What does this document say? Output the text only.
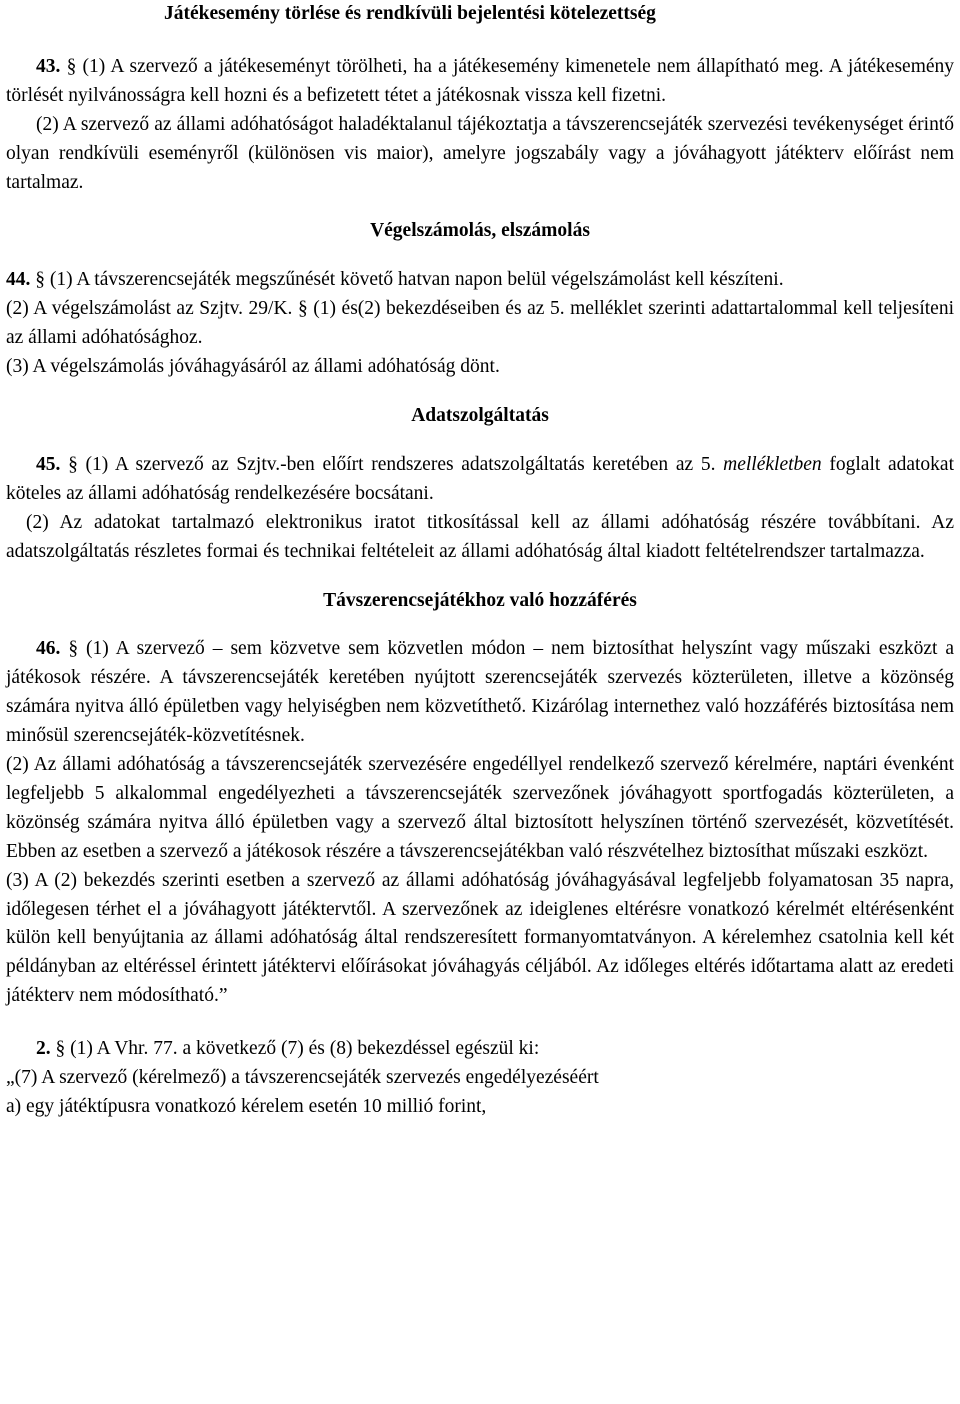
Játékesemény törlése és rendkívüli bejelentési kötelezettség

43. § (1) A szervező a játékeseményt törölheti, ha a játékesemény kimenetele nem állapítható meg. A játékesemény törlését nyilvánosságra kell hozni és a befizetett tétet a játékosnak vissza kell fizetni.

(2) A szervező az állami adóhatóságot haladéktalanul tájékoztatja a távszerencsejáték szervezési tevékenységet érintő olyan rendkívüli eseményről (különösen vis maior), amelyre jogszabály vagy a jóváhagyott játékterv előírást nem tartalmaz.

Végelszámolás, elszámolás

44. § (1) A távszerencsejáték megszűnését követő hatvan napon belül végelszámolást kell készíteni.

(2) A végelszámolást az Szjtv. 29/K. § (1) és(2) bekezdéseiben és az 5. melléklet szerinti adattartalommal kell teljesíteni az állami adóhatósághoz.

(3) A végelszámolás jóváhagyásáról az állami adóhatóság dönt.

Adatszolgáltatás

45. § (1) A szervező az Szjtv.-ben előírt rendszeres adatszolgáltatás keretében az 5. mellékletben foglalt adatokat köteles az állami adóhatóság rendelkezésére bocsátani.

(2) Az adatokat tartalmazó elektronikus iratot titkosítással kell az állami adóhatóság részére továbbítani. Az adatszolgáltatás részletes formai és technikai feltételeit az állami adóhatóság által kiadott feltételrendszer tartalmazza.

Távszerencsejátékhoz való hozzáférés

46. § (1) A szervező – sem közvetve sem közvetlen módon – nem biztosíthat helyszínt vagy műszaki eszközt a játékosok részére. A távszerencsejáték keretében nyújtott szerencsejáték szervezés közterületen, illetve a közönség számára nyitva álló épületben vagy helyiségben nem közvetíthető. Kizárólag internethez való hozzáférés biztosítása nem minősül szerencsejáték-közvetítésnek.

(2) Az állami adóhatóság a távszerencsejáték szervezésére engedéllyel rendelkező szervező kérelmére, naptári évenként legfeljebb 5 alkalommal engedélyezheti a távszerencsejáték szervezőnek jóváhagyott sportfogadás közterületen, a közönség számára nyitva álló épületben vagy a szervező által biztosított helyszínen történő szervezését, közvetítését. Ebben az esetben a szervező a játékosok részére a távszerencsejátékban való részvételhez biztosíthat műszaki eszközt.

(3) A (2) bekezdés szerinti esetben a szervező az állami adóhatóság jóváhagyásával legfeljebb folyamatosan 35 napra, időlegesen térhet el a jóváhagyott játéktervtől. A szervezőnek az ideiglenes eltérésre vonatkozó kérelmét eltérésenként külön kell benyújtania az állami adóhatóság által rendszeresített formanyomtatványon. A kérelemhez csatolnia kell két példányban az eltéréssel érintett játéktervi előírásokat jóváhagyás céljából. Az időleges eltérés időtartama alatt az eredeti játékterv nem módosítható.”

2. § (1) A Vhr. 77. a következő (7) és (8) bekezdéssel egészül ki:

„(7) A szervező (kérelmező) a távszerencsejáték szervezés engedélyezéséért

a) egy játéktípusra vonatkozó kérelem esetén 10 millió forint,
